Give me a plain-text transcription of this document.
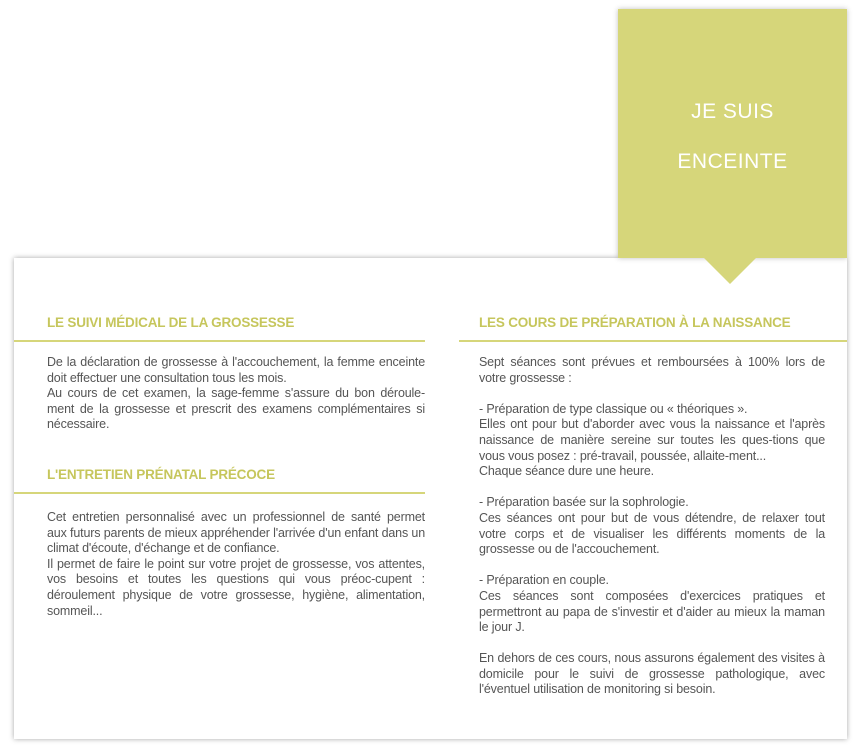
LE SUIVI MÉDICAL DE LA GROSSESSE

De la déclaration de grossesse à l'accouchement, la femme enceinte doit effectuer une consultation tous les mois.
Au cours de cet examen, la sage-femme s'assure du bon déroule-ment de la grossesse et prescrit des examens complémentaires si nécessaire.

L'ENTRETIEN PRÉNATAL PRÉCOCE

Cet entretien personnalisé avec un professionnel de santé permet aux futurs parents de mieux appréhender l'arrivée d'un enfant dans un climat d'écoute, d'échange et de confiance.
Il permet de faire le point sur votre projet de grossesse, vos attentes, vos besoins et toutes les questions qui vous préoc-cupent : déroulement physique de votre grossesse, hygiène, alimentation, sommeil...

LES COURS DE PRÉPARATION À LA NAISSANCE

Sept séances sont prévues et remboursées à 100% lors de votre grossesse :
- Préparation de type classique ou « théoriques ».
Elles ont pour but d'aborder avec vous la naissance et l'après naissance de manière sereine sur toutes les ques-tions que vous vous posez : pré-travail, poussée, allaite-ment...
Chaque séance dure une heure.
- Préparation basée sur la sophrologie.
Ces séances ont pour but de vous détendre, de relaxer tout votre corps et de visualiser les différents moments de la grossesse ou de l'accouchement.
- Préparation en couple.
Ces séances sont composées d'exercices pratiques et permettront au papa de s'investir et d'aider au mieux la maman le jour J.
En dehors de ces cours, nous assurons également des visites à domicile pour le suivi de grossesse pathologique, avec l'éventuel utilisation de monitoring si besoin.

JE SUIS
ENCEINTE
